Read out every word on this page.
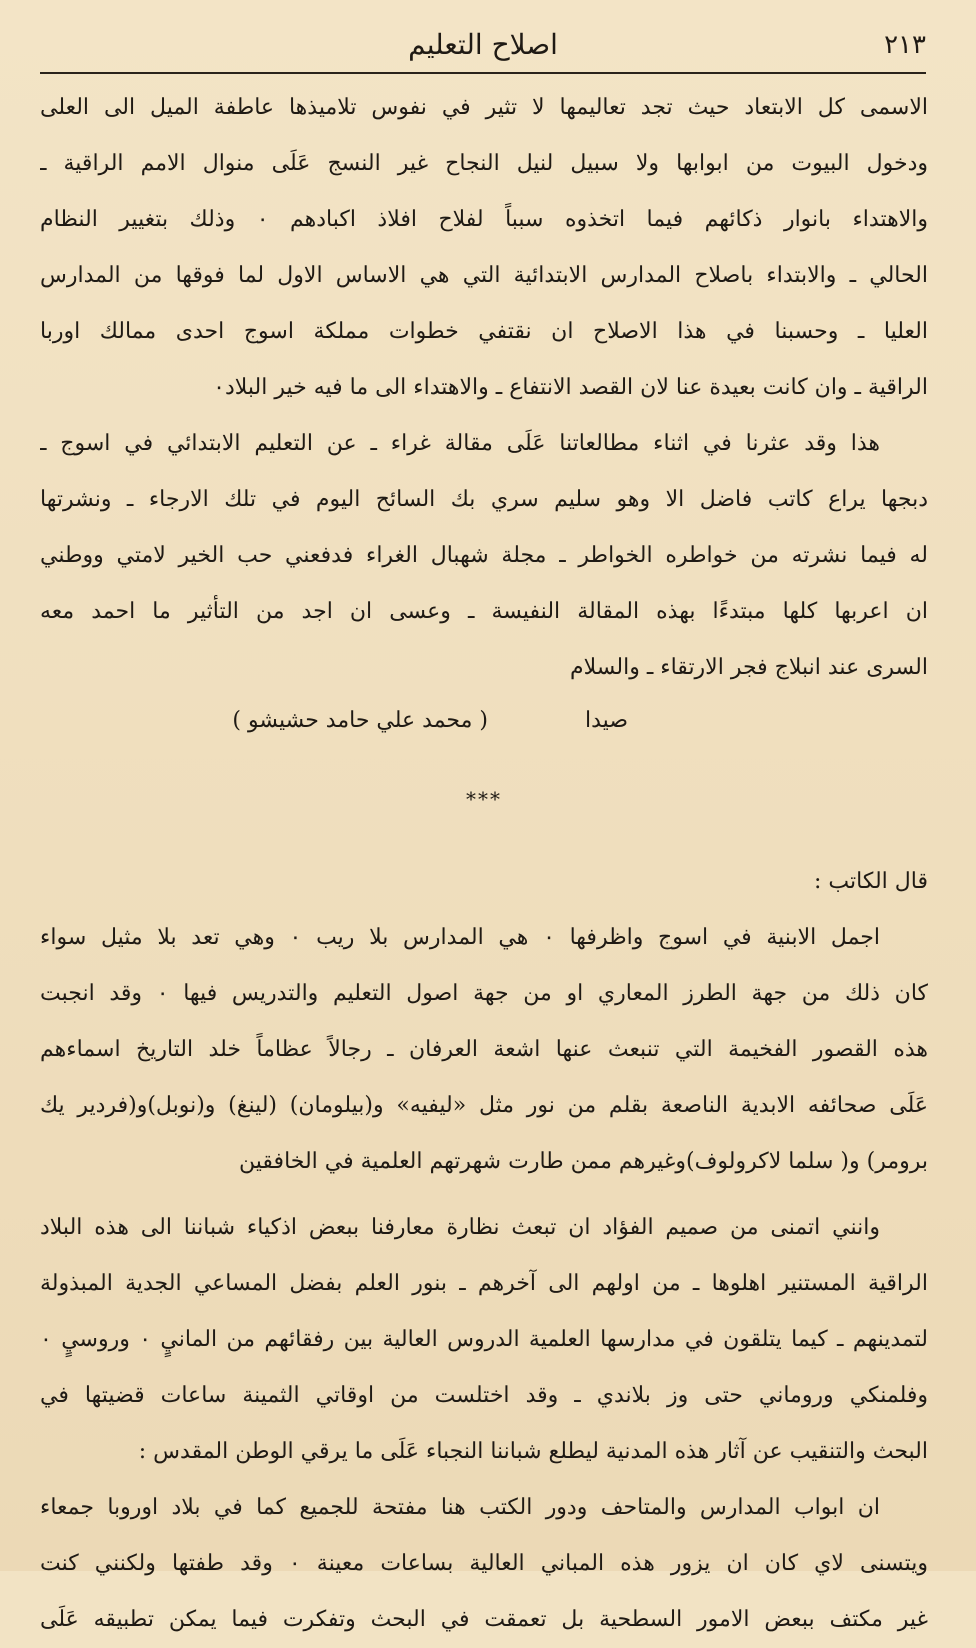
٢١٣
اصلاح التعليم
الاسمى كل الابتعاد حيث تجد تعاليمها لا تثير في نفوس تلاميذها عاطفة الميل الى العلى
ودخول البيوت من ابوابها ولا سبيل لنيل النجاح غير النسج عَلَى منوال الامم الراقية ـ
والاهتداء بانوار ذكائهم فيما اتخذوه سبباً لفلاح افلاذ اكبادهم ٠ وذلك بتغيير النظام
الحالي ـ والابتداء باصلاح المدارس الابتدائية التي هي الاساس الاول لما فوقها من المدارس
العليا ـ وحسبنا في هذا الاصلاح ان نقتفي خطوات مملكة اسوج احدى ممالك اوربا
الراقية ـ وان كانت بعيدة عنا لان القصد الانتفاع ـ والاهتداء الى ما فيه خير البلاد٠
هذا وقد عثرنا في اثناء مطالعاتنا عَلَى مقالة غراء ـ عن التعليم الابتدائي في اسوج ـ
دبجها يراع كاتب فاضل الا وهو سليم سري بك السائح اليوم في تلك الارجاء ـ ونشرتها
له فيما نشرته من خواطره الخواطر ـ مجلة شهبال الغراء فدفعني حب الخير لامتي ووطني
ان اعربها كلها مبتدءًا بهذه المقالة النفيسة ـ وعسى ان اجد من التأثير ما احمد معه
السرى عند انبلاج فجر الارتقاء ـ والسلام
صيدا
( محمد علي حامد حشيشو )
***
قال الكاتب :
اجمل الابنية في اسوج واظرفها ٠ هي المدارس بلا ريب ٠ وهي تعد بلا مثيل سواء
كان ذلك من جهة الطرز المعاري او من جهة اصول التعليم والتدريس فيها ٠ وقد انجبت
هذه القصور الفخيمة التي تنبعث عنها اشعة العرفان ـ رجالاً عظاماً خلد التاريخ اسماءهم
عَلَى صحائفه الابدية الناصعة بقلم من نور مثل «ليفيه» و(بيلومان) (لينغ) و(نوبل)و(فردير يك
برومر) و( سلما لاكرولوف)وغيرهم ممن طارت شهرتهم العلمية في الخافقين
وانني اتمنى من صميم الفؤاد ان تبعث نظارة معارفنا ببعض اذكياء شباننا الى هذه البلاد
الراقية المستنير اهلوها ـ من اولهم الى آخرهم ـ بنور العلم بفضل المساعي الجدية المبذولة
لتمدينهم ـ كيما يتلقون في مدارسها العلمية الدروس العالية بين رفقائهم من المانيٍ ٠ وروسيٍ ٠
وفلمنكي وروماني حتى وز بلاندي ـ وقد اختلست من اوقاتي الثمينة ساعات قضيتها في
البحث والتنقيب عن آثار هذه المدنية ليطلع شباننا النجباء عَلَى ما يرقي الوطن المقدس :
ان ابواب المدارس والمتاحف ودور الكتب هنا مفتحة للجميع كما في بلاد اوروبا جمعاء
ويتسنى لاي كان ان يزور هذه المباني العالية بساعات معينة ٠ وقد طفتها ولكنني كنت
غير مكتف ببعض الامور السطحية بل تعمقت في البحث وتفكرت فيما يمكن تطبيقه عَلَى
